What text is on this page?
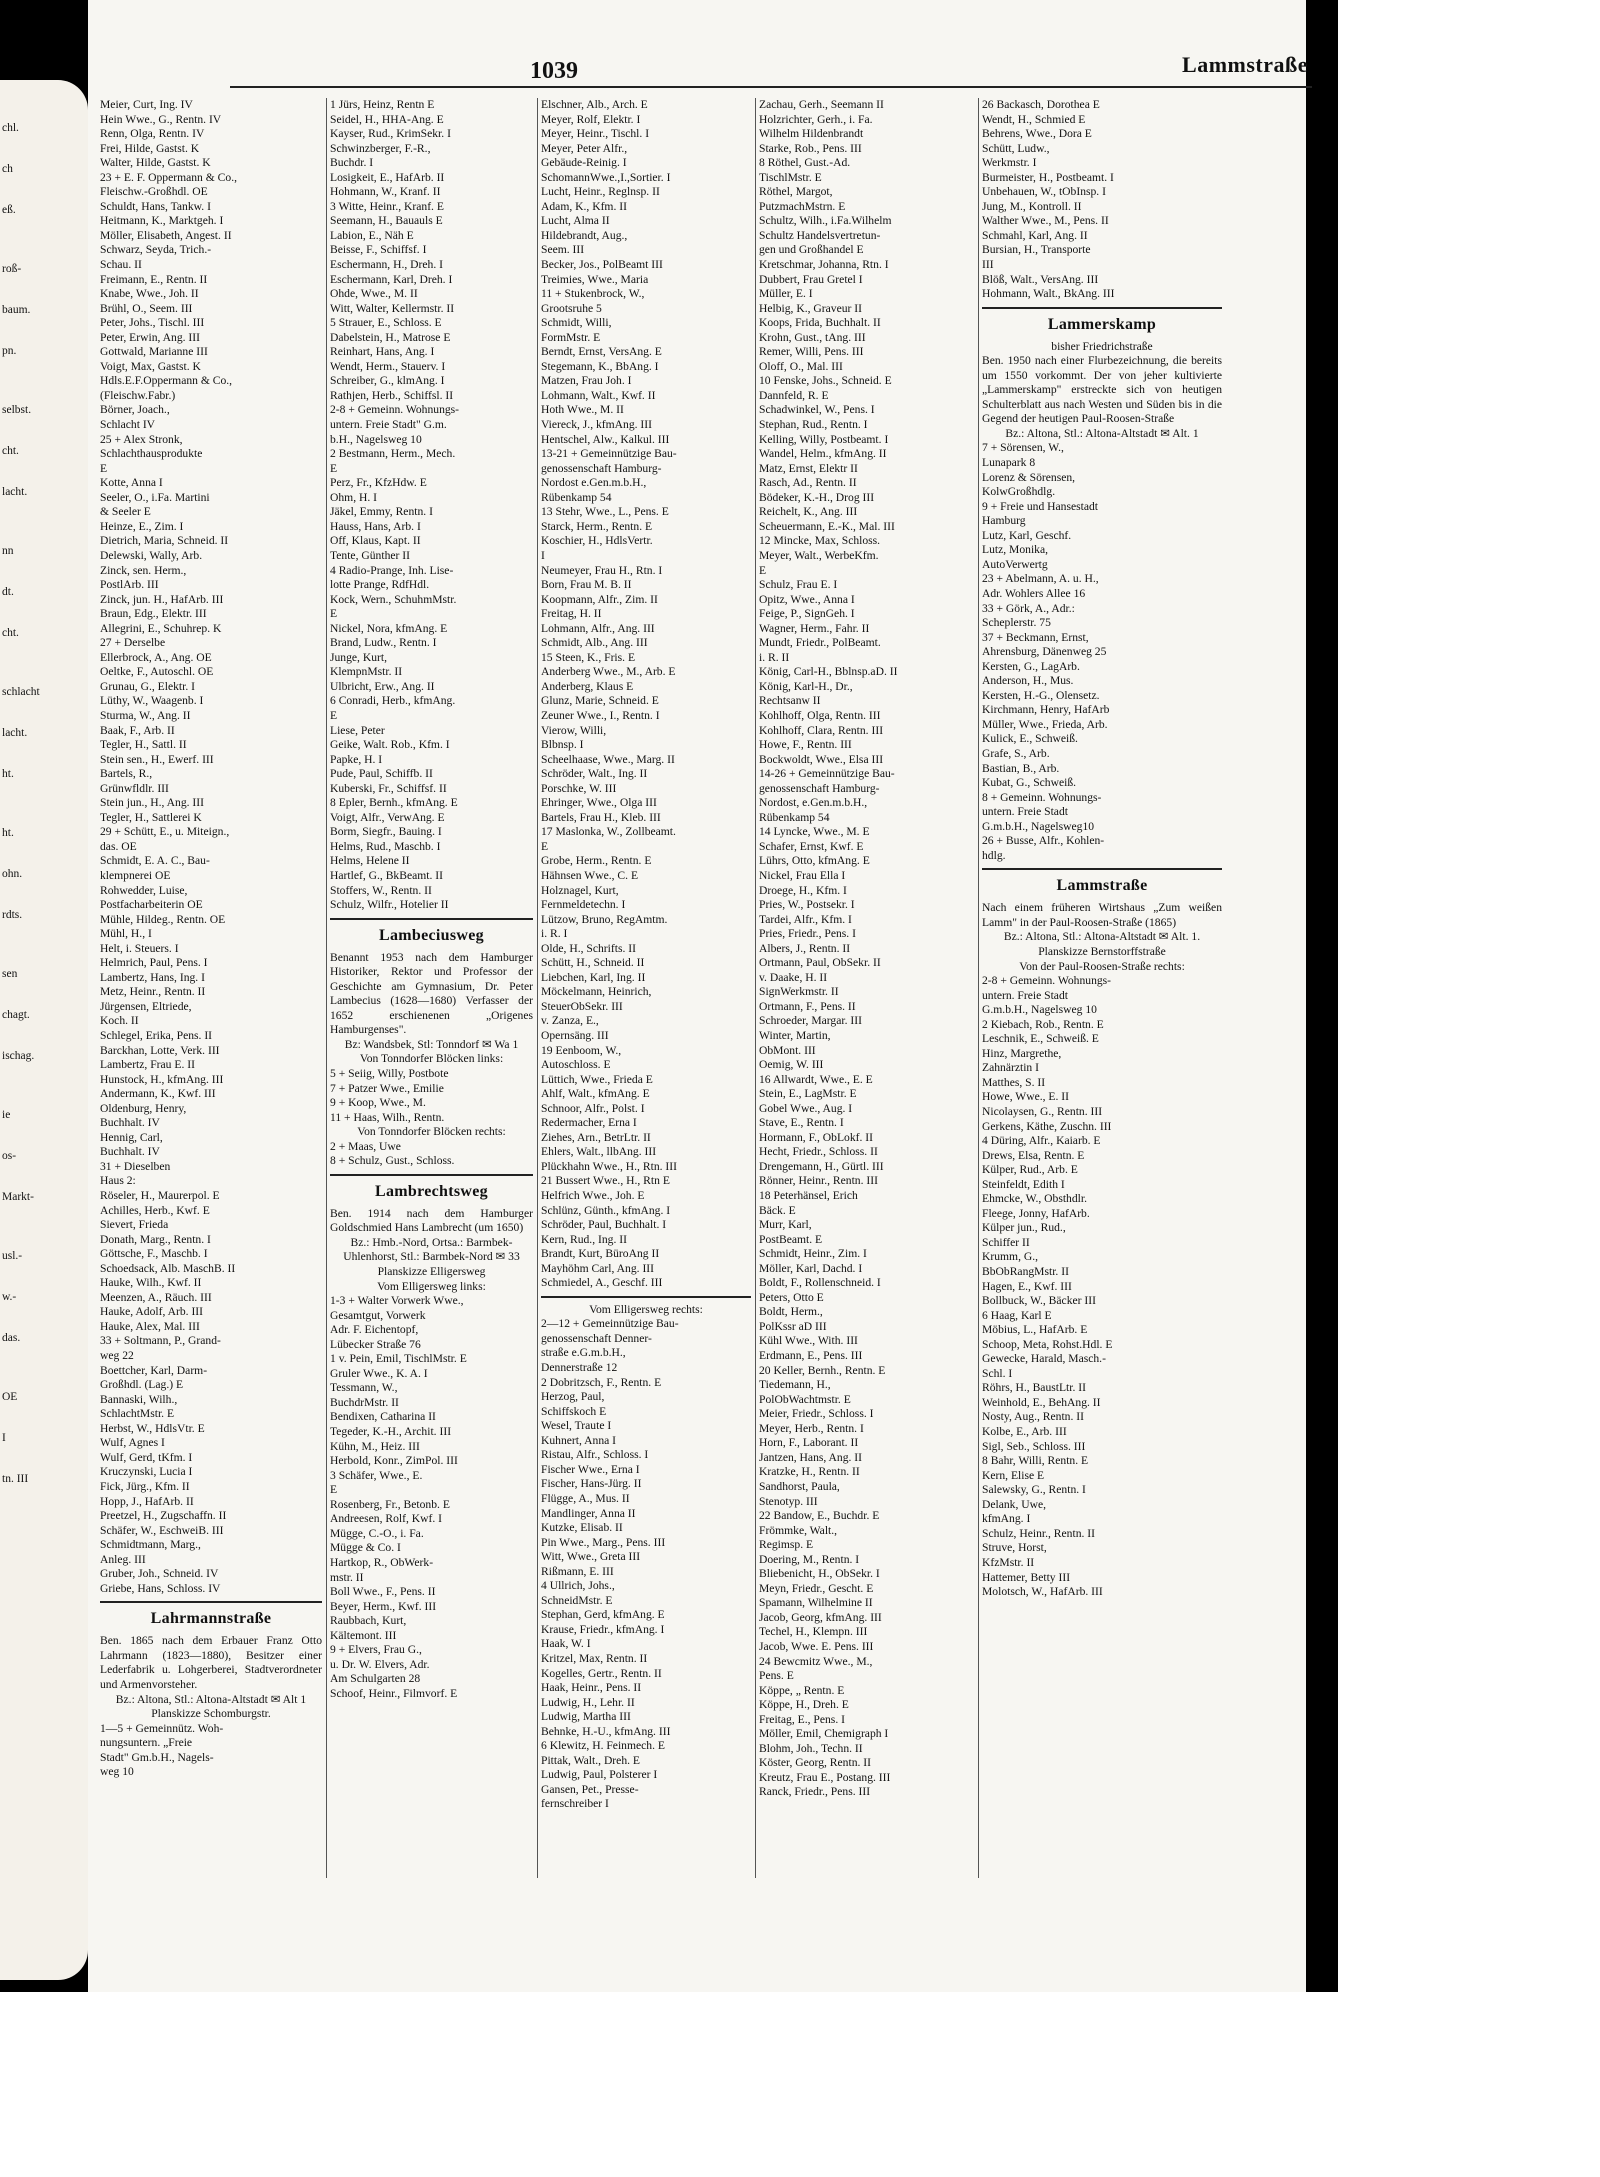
chl.
ch
eß.
roß-
baum.
pn.
selbst.
cht.
lacht.
nn
dt.
cht.
schlacht
lacht.
ht.
ht.
ohn.
rdts.
sen
chagt.
ischag.
ie
os-
Markt-
usl.-
w.-
das.
OE
I
tn. III
1039	Lammstraße
Meier, Curt, Ing. IV
Hein Wwe., G., Rentn. IV
Renn, Olga, Rentn. IV
Frei, Hilde, Gastst. K
Walter, Hilde, Gastst. K
23 + E. F. Oppermann & Co.,
Fleischw.-Großhdl. OE
Schuldt, Hans, Tankw. I
Heitmann, K., Marktgeh. I
Möller, Elisabeth, Angest. II
Schwarz, Seyda, Trich.-
Schau. II
Freimann, E., Rentn. II
Knabe, Wwe., Joh. II
Brühl, O., Seem. III
Peter, Johs., Tischl. III
Peter, Erwin, Ang. III
Gottwald, Marianne III
Voigt, Max, Gastst. K
Hdls.E.F.Oppermann & Co.,
(Fleischw.Fabr.)
Börner, Joach.,
Schlacht IV
25 + Alex Stronk,
Schlachthausprodukte
E
Kotte, Anna I
Seeler, O., i.Fa. Martini
& Seeler E
Heinze, E., Zim. I
Dietrich, Maria, Schneid. II
Delewski, Wally, Arb.
Zinck, sen. Herm.,
PostlArb. III
Zinck, jun. H., HafArb. III
Braun, Edg., Elektr. III
Allegrini, E., Schuhrep. K
27 + Derselbe
Ellerbrock, A., Ang. OE
Oeltke, F., Autoschl. OE
Grunau, G., Elektr. I
Lüthy, W., Waagenb. I
Sturma, W., Ang. II
Baak, F., Arb. II
Tegler, H., Sattl. II
Stein sen., H., Ewerf. III
Bartels, R.,
Grünwfldlr. III
Stein jun., H., Ang. III
Tegler, H., Sattlerei K
29 + Schütt, E., u. Miteign.,
das. OE
Schmidt, E. A. C., Bau-
klempnerei OE
Rohwedder, Luise,
Postfacharbeiterin OE
Mühle, Hildeg., Rentn. OE
Mühl, H., I
Helt, i. Steuers. I
Helmrich, Paul, Pens. I
Lambertz, Hans, Ing. I
Metz, Heinr., Rentn. II
Jürgensen, Eltriede,
Koch. II
Schlegel, Erika, Pens. II
Barckhan, Lotte, Verk. III
Lambertz, Frau E. II
Hunstock, H., kfmAng. III
Andermann, K., Kwf. III
Oldenburg, Henry,
Buchhalt. IV
Hennig, Carl,
Buchhalt. IV
31 + Dieselben
Haus 2:
Röseler, H., Maurerpol. E
Achilles, Herb., Kwf. E
Sievert, Frieda
Donath, Marg., Rentn. I
Göttsche, F., Maschb. I
Schoedsack, Alb. MaschB. II
Hauke, Wilh., Kwf. II
Meenzen, A., Räuch. III
Hauke, Adolf, Arb. III
Hauke, Alex, Mal. III
33 + Soltmann, P., Grand-
weg 22
Boettcher, Karl, Darm-
Großhdl. (Lag.) E
Bannaski, Wilh.,
SchlachtMstr. E
Herbst, W., HdlsVtr. E
Wulf, Agnes I
Wulf, Gerd, tKfm. I
Kruczynski, Lucia I
Fick, Jürg., Kfm. II
Hopp, J., HafArb. II
Preetzel, H., Zugschaffn. II
Schäfer, W., EschweiB. III
Schmidtmann, Marg.,
Anleg. III
Gruber, Joh., Schneid. IV
Griebe, Hans, Schloss. IV
Lahrmannstraße
Ben. 1865 nach dem Erbauer Franz Otto Lahrmann (1823—1880), Besitzer einer Lederfabrik u. Lohgerberei, Stadtverordneter und Armenvorsteher.
Bz.: Altona, Stl.: Altona-Altstadt ✉ Alt 1
Planskizze Schomburgstr.
1—5 + Gemeinnütz. Woh-
nungsuntern. „Freie
Stadt" Gm.b.H., Nagels-
weg 10
1 Jürs, Heinz, Rentn E
Seidel, H., HHA-Ang. E
Kayser, Rud., KrimSekr. I
Schwinzberger, F.-R.,
Buchdr. I
Losigkeit, E., HafArb. II
Hohmann, W., Kranf. II
3 Witte, Heinr., Kranf. E
Seemann, H., Bauauls E
Labion, E., Näh E
Beisse, F., Schiffsf. I
Eschermann, H., Dreh. I
Eschermann, Karl, Dreh. I
Ohde, Wwe., M. II
Witt, Walter, Kellermstr. II
5 Strauer, E., Schloss. E
Dabelstein, H., Matrose E
Reinhart, Hans, Ang. I
Wendt, Herm., Stauerv. I
Schreiber, G., klmAng. I
Rathjen, Herb., Schiffsl. II
2-8 + Gemeinn. Wohnungs-
untern. Freie Stadt" G.m.
b.H., Nagelsweg 10
2 Bestmann, Herm., Mech.
E
Perz, Fr., KfzHdw. E
Ohm, H. I
Jäkel, Emmy, Rentn. I
Hauss, Hans, Arb. I
Off, Klaus, Kapt. II
Tente, Günther II
4 Radio-Prange, Inh. Lise-
lotte Prange, RdfHdl.
Kock, Wern., SchuhmMstr.
E
Nickel, Nora, kfmAng. E
Brand, Ludw., Rentn. I
Junge, Kurt,
KlempnMstr. II
Ulbricht, Erw., Ang. II
6 Conradi, Herb., kfmAng.
E
Liese, Peter
Geike, Walt. Rob., Kfm. I
Papke, H. I
Pude, Paul, Schiffb. II
Kuberski, Fr., Schiffsf. II
8 Epler, Bernh., kfmAng. E
Voigt, Alfr., VerwAng. E
Borm, Siegfr., Bauing. I
Helms, Rud., Maschb. I
Helms, Helene II
Hartlef, G., BkBeamt. II
Stoffers, W., Rentn. II
Schulz, Wilfr., Hotelier II
Lambeciusweg
Benannt 1953 nach dem Hamburger Historiker, Rektor und Professor der Geschichte am Gymnasium, Dr. Peter Lambecius (1628—1680) Verfasser der 1652 erschienenen „Origenes Hamburgenses".
Bz: Wandsbek, Stl: Tonndorf ✉ Wa 1
Von Tonndorfer Blöcken links:
5 + Seiig, Willy, Postbote
7 + Patzer Wwe., Emilie
9 + Koop, Wwe., M.
11 + Haas, Wilh., Rentn.
Von Tonndorfer Blöcken rechts:
2 + Maas, Uwe
8 + Schulz, Gust., Schloss.
Lambrechtsweg
Ben. 1914 nach dem Hamburger Goldschmied Hans Lambrecht (um 1650)
Bz.: Hmb.-Nord, Ortsa.: Barmbek-Uhlenhorst, Stl.: Barmbek-Nord ✉ 33
Planskizze Elligersweg
Vom Elligersweg links:
1-3 + Walter Vorwerk Wwe.,
Gesamtgut, Vorwerk
Adr. F. Eichentopf,
Lübecker Straße 76
1 v. Pein, Emil, TischlMstr. E
Gruler Wwe., K. A. I
Tessmann, W.,
BuchdrMstr. II
Bendixen, Catharina II
Tegeder, K.-H., Archit. III
Kühn, M., Heiz. III
Herbold, Konr., ZimPol. III
3 Schäfer, Wwe., E.
E
Rosenberg, Fr., Betonb. E
Andreesen, Rolf, Kwf. I
Mügge, C.-O., i. Fa.
Mügge & Co. I
Hartkop, R., ObWerk-
mstr. II
Boll Wwe., F., Pens. II
Beyer, Herm., Kwf. III
Raubbach, Kurt,
Kältemont. III
9 + Elvers, Frau G.,
u. Dr. W. Elvers, Adr.
Am Schulgarten 28
Schoof, Heinr., Filmvorf. E
Elschner, Alb., Arch. E
Meyer, Rolf, Elektr. I
Meyer, Heinr., Tischl. I
Meyer, Peter Alfr.,
Gebäude-Reinig. I
SchomannWwe.,I.,Sortier. I
Lucht, Heinr., Reglnsp. II
Adam, K., Kfm. II
Lucht, Alma II
Hildebrandt, Aug.,
Seem. III
Becker, Jos., PolBeamt III
Treimies, Wwe., Maria
11 + Stukenbrock, W.,
Grootsruhe 5
Schmidt, Willi,
FormMstr. E
Berndt, Ernst, VersAng. E
Stegemann, K., BbAng. I
Matzen, Frau Joh. I
Lohmann, Walt., Kwf. II
Hoth Wwe., M. II
Viereck, J., kfmAng. III
Hentschel, Alw., Kalkul. III
13-21 + Gemeinnützige Bau-
genossenschaft Hamburg-
Nordost e.Gen.m.b.H.,
Rübenkamp 54
13 Stehr, Wwe., L., Pens. E
Starck, Herm., Rentn. E
Koschier, H., HdlsVertr.
I
Neumeyer, Frau H., Rtn. I
Born, Frau M. B. II
Koopmann, Alfr., Zim. II
Freitag, H. II
Lohmann, Alfr., Ang. III
Schmidt, Alb., Ang. III
15 Steen, K., Fris. E
Anderberg Wwe., M., Arb. E
Anderberg, Klaus E
Glunz, Marie, Schneid. E
Zeuner Wwe., I., Rentn. I
Vierow, Willi,
Blbnsp. I
Scheelhaase, Wwe., Marg. II
Schröder, Walt., Ing. II
Porschke, W. III
Ehringer, Wwe., Olga III
Bartels, Frau H., Kleb. III
17 Maslonka, W., Zollbeamt.
E
Grobe, Herm., Rentn. E
Hähnsen Wwe., C. E
Holznagel, Kurt,
Fernmeldetechn. I
Lützow, Bruno, RegAmtm.
i. R. I
Olde, H., Schrifts. II
Schütt, H., Schneid. II
Liebchen, Karl, Ing. II
Möckelmann, Heinrich,
SteuerObSekr. III
v. Zanza, E.,
Opernsäng. III
19 Eenboom, W.,
Autoschloss. E
Lüttich, Wwe., Frieda E
Ahlf, Walt., kfmAng. E
Schnoor, Alfr., Polst. I
Redermacher, Erna I
Ziehes, Arn., BetrLtr. II
Ehlers, Walt., llbAng. III
Plückhahn Wwe., H., Rtn. III
21 Bussert Wwe., H., Rtn E
Helfrich Wwe., Joh. E
Schlünz, Günth., kfmAng. I
Schröder, Paul, Buchhalt. I
Kern, Rud., Ing. II
Brandt, Kurt, BüroAng II
Mayhöhm Carl, Ang. III
Schmiedel, A., Geschf. III
Vom Elligersweg rechts:
2—12 + Gemeinnützige Bau-
genossenschaft Denner-
straße e.G.m.b.H.,
Dennerstraße 12
2 Dobritzsch, F., Rentn. E
Herzog, Paul,
Schiffskoch E
Wesel, Traute I
Kuhnert, Anna I
Ristau, Alfr., Schloss. I
Fischer Wwe., Erna I
Fischer, Hans-Jürg. II
Flügge, A., Mus. II
Mandlinger, Anna II
Kutzke, Elisab. II
Pin Wwe., Marg., Pens. III
Witt, Wwe., Greta III
Rißmann, E. III
4 Ullrich, Johs.,
SchneidMstr. E
Stephan, Gerd, kfmAng. E
Krause, Friedr., kfmAng. I
Haak, W. I
Kritzel, Max, Rentn. II
Kogelles, Gertr., Rentn. II
Haak, Heinr., Pens. II
Ludwig, H., Lehr. II
Ludwig, Martha III
Behnke, H.-U., kfmAng. III
6 Klewitz, H. Feinmech. E
Pittak, Walt., Dreh. E
Ludwig, Paul, Polsterer I
Gansen, Pet., Presse-
fernschreiber I
Zachau, Gerh., Seemann II
Holzrichter, Gerh., i. Fa.
Wilhelm Hildenbrandt
Starke, Rob., Pens. III
8 Röthel, Gust.-Ad.
TischlMstr. E
Röthel, Margot,
PutzmachMstrn. E
Schultz, Wilh., i.Fa.Wilhelm
Schultz Handelsvertretun-
gen und Großhandel E
Kretschmar, Johanna, Rtn. I
Dubbert, Frau Gretel I
Müller, E. I
Helbig, K., Graveur II
Koops, Frida, Buchhalt. II
Krohn, Gust., tAng. III
Remer, Willi, Pens. III
Oloff, O., Mal. III
10 Fenske, Johs., Schneid. E
Dannfeld, R. E
Schadwinkel, W., Pens. I
Stephan, Rud., Rentn. I
Kelling, Willy, Postbeamt. I
Wandel, Helm., kfmAng. II
Matz, Ernst, Elektr II
Rasch, Ad., Rentn. II
Bödeker, K.-H., Drog III
Reichelt, K., Ang. III
Scheuermann, E.-K., Mal. III
12 Mincke, Max, Schloss.
Meyer, Walt., WerbeKfm.
E
Schulz, Frau E. I
Opitz, Wwe., Anna I
Feige, P., SignGeh. I
Wagner, Herm., Fahr. II
Mundt, Friedr., PolBeamt.
i. R. II
König, Carl-H., Bblnsp.aD. II
König, Karl-H., Dr.,
Rechtsanw II
Kohlhoff, Olga, Rentn. III
Kohlhoff, Clara, Rentn. III
Howe, F., Rentn. III
Bockwoldt, Wwe., Elsa III
14-26 + Gemeinnützige Bau-
genossenschaft Hamburg-
Nordost, e.Gen.m.b.H.,
Rübenkamp 54
14 Lyncke, Wwe., M. E
Schafer, Ernst, Kwf. E
Lührs, Otto, kfmAng. E
Nickel, Frau Ella I
Droege, H., Kfm. I
Pries, W., Postsekr. I
Tardei, Alfr., Kfm. I
Pries, Friedr., Pens. I
Albers, J., Rentn. II
Ortmann, Paul, ObSekr. II
v. Daake, H. II
SignWerkmstr. II
Ortmann, F., Pens. II
Schroeder, Margar. III
Winter, Martin,
ObMont. III
Oemig, W. III
16 Allwardt, Wwe., E. E
Stein, E., LagMstr. E
Gobel Wwe., Aug. I
Stave, E., Rentn. I
Hormann, F., ObLokf. II
Hecht, Friedr., Schloss. II
Drengemann, H., Gürtl. III
Rönner, Heinr., Rentn. III
18 Peterhänsel, Erich
Bäck. E
Murr, Karl,
PostBeamt. E
Schmidt, Heinr., Zim. I
Möller, Karl, Dachd. I
Boldt, F., Rollenschneid. I
Peters, Otto E
Boldt, Herm.,
PolKssr aD III
Kühl Wwe., With. III
Erdmann, E., Pens. III
20 Keller, Bernh., Rentn. E
Tiedemann, H.,
PolObWachtmstr. E
Meier, Friedr., Schloss. I
Meyer, Herb., Rentn. I
Horn, F., Laborant. II
Jantzen, Hans, Ang. II
Kratzke, H., Rentn. II
Sandhorst, Paula,
Stenotyp. III
22 Bandow, E., Buchdr. E
Frömmke, Walt.,
Regimsp. E
Doering, M., Rentn. I
Bliebenicht, H., ObSekr. I
Meyn, Friedr., Gescht. E
Spamann, Wilhelmine II
Jacob, Georg, kfmAng. III
Techel, H., Klempn. III
Jacob, Wwe. E. Pens. III
24 Bewcmitz Wwe., M.,
Pens. E
Köppe, „ Rentn. E
Köppe, H., Dreh. E
Freitag, E., Pens. I
Möller, Emil, Chemigraph I
Blohm, Joh., Techn. II
Köster, Georg, Rentn. II
Kreutz, Frau E., Postang. III
Ranck, Friedr., Pens. III
26 Backasch, Dorothea E
Wendt, H., Schmied E
Behrens, Wwe., Dora E
Schütt, Ludw.,
Werkmstr. I
Burmeister, H., Postbeamt. I
Unbehauen, W., tObInsp. I
Jung, M., Kontroll. II
Walther Wwe., M., Pens. II
Schmahl, Karl, Ang. II
Bursian, H., Transporte
III
Blöß, Walt., VersAng. III
Hohmann, Walt., BkAng. III
Lammerskamp
bisher Friedrichstraße
Ben. 1950 nach einer Flurbezeichnung, die bereits um 1550 vorkommt. Der von jeher kultivierte „Lammerskamp" erstreckte sich von heutigen Schulterblatt aus nach Westen und Süden bis in die Gegend der heutigen Paul-Roosen-Straße
Bz.: Altona, Stl.: Altona-Altstadt ✉ Alt. 1
7 + Sörensen, W.,
Lunapark 8
Lorenz & Sörensen,
KolwGroßhdlg.
9 + Freie und Hansestadt
Hamburg
Lutz, Karl, Geschf.
Lutz, Monika,
AutoVerwertg
23 + Abelmann, A. u. H.,
Adr. Wohlers Allee 16
33 + Görk, A., Adr.:
Scheplerstr. 75
37 + Beckmann, Ernst,
Ahrensburg, Dänenweg 25
Kersten, G., LagArb.
Anderson, H., Mus.
Kersten, H.-G., Olensetz.
Kirchmann, Henry, HafArb
Müller, Wwe., Frieda, Arb.
Kulick, E., Schweiß.
Grafe, S., Arb.
Bastian, B., Arb.
Kubat, G., Schweiß.
8 + Gemeinn. Wohnungs-
untern. Freie Stadt
G.m.b.H., Nagelsweg10
26 + Busse, Alfr., Kohlen-
hdlg.
Lammstraße
Nach einem früheren Wirtshaus „Zum weißen Lamm" in der Paul-Roosen-Straße (1865)
Bz.: Altona, Stl.: Altona-Altstadt ✉ Alt. 1.
Planskizze Bernstorffstraße
Von der Paul-Roosen-Straße rechts:
2-8 + Gemeinn. Wohnungs-
untern. Freie Stadt
G.m.b.H., Nagelsweg 10
2 Kiebach, Rob., Rentn. E
Leschnik, E., Schweiß. E
Hinz, Margrethe,
Zahnärztin I
Matthes, S. II
Howe, Wwe., E. II
Nicolaysen, G., Rentn. III
Gerkens, Käthe, Zuschn. III
4 Düring, Alfr., Kaiarb. E
Drews, Elsa, Rentn. E
Külper, Rud., Arb. E
Steinfeldt, Edith I
Ehmcke, W., Obsthdlr.
Fleege, Jonny, HafArb.
Külper jun., Rud.,
Schiffer II
Krumm, G.,
BbObRangMstr. II
Hagen, E., Kwf. III
Bollbuck, W., Bäcker III
6 Haag, Karl E
Möbius, L., HafArb. E
Schoop, Meta, Rohst.Hdl. E
Gewecke, Harald, Masch.-
Schl. I
Röhrs, H., BaustLtr. II
Weinhold, E., BehAng. II
Nosty, Aug., Rentn. II
Kolbe, E., Arb. III
Sigl, Seb., Schloss. III
8 Bahr, Willi, Rentn. E
Kern, Elise E
Salewsky, G., Rentn. I
Delank, Uwe,
kfmAng. I
Schulz, Heinr., Rentn. II
Struve, Horst,
KfzMstr. II
Hattemer, Betty III
Molotsch, W., HafArb. III
